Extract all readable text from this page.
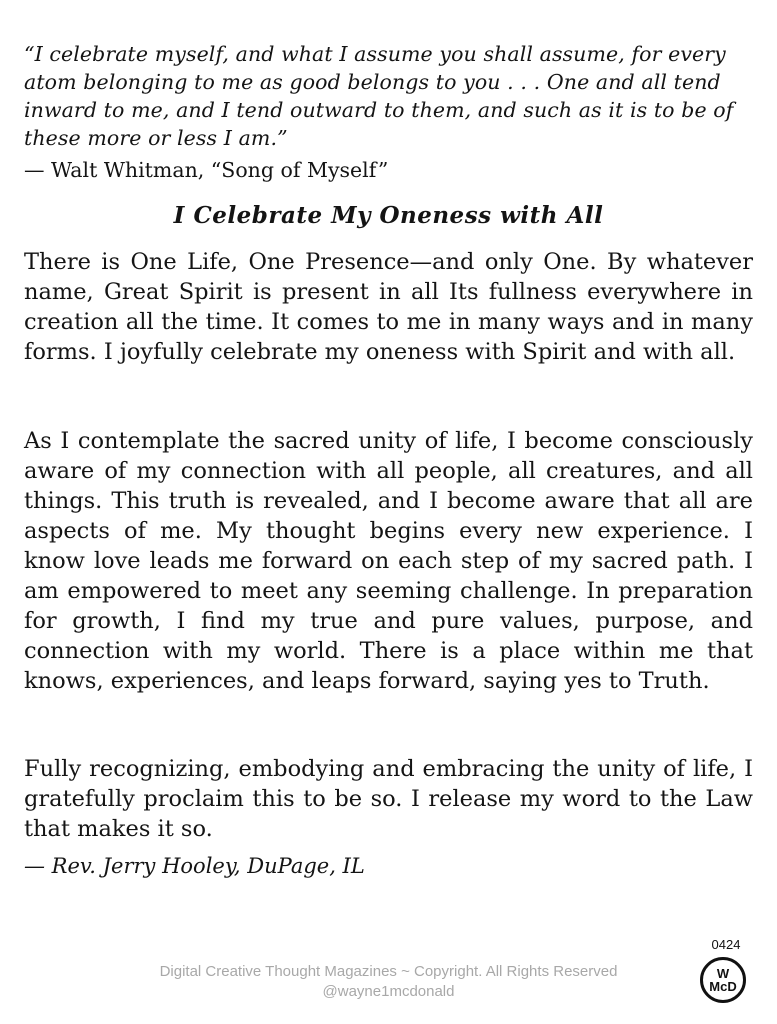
“I celebrate myself, and what I assume you shall assume, for every atom belonging to me as good belongs to you . . . One and all tend inward to me, and I tend outward to them, and such as it is to be of these more or less I am.”

— Walt Whitman, “Song of Myself”

I Celebrate My Oneness with All

There is One Life, One Presence—and only One. By whatever name, Great Spirit is present in all Its fullness everywhere in creation all the time. It comes to me in many ways and in many forms. I joyfully celebrate my oneness with Spirit and with all.

As I contemplate the sacred unity of life, I become consciously aware of my connection with all people, all creatures, and all things. This truth is revealed, and I become aware that all are aspects of me. My thought begins every new experience. I know love leads me forward on each step of my sacred path. I am empowered to meet any seeming challenge. In preparation for growth, I find my true and pure values, purpose, and connection with my world. There is a place within me that knows, experiences, and leaps forward, saying yes to Truth.

Fully recognizing, embodying and embracing the unity of life, I gratefully proclaim this to be so. I release my word to the Law that makes it so.

— Rev. Jerry Hooley, DuPage, IL

Digital Creative Thought Magazines ~ Copyright. All Rights Reserved
@wayne1mcdonald
0424
W
McD
